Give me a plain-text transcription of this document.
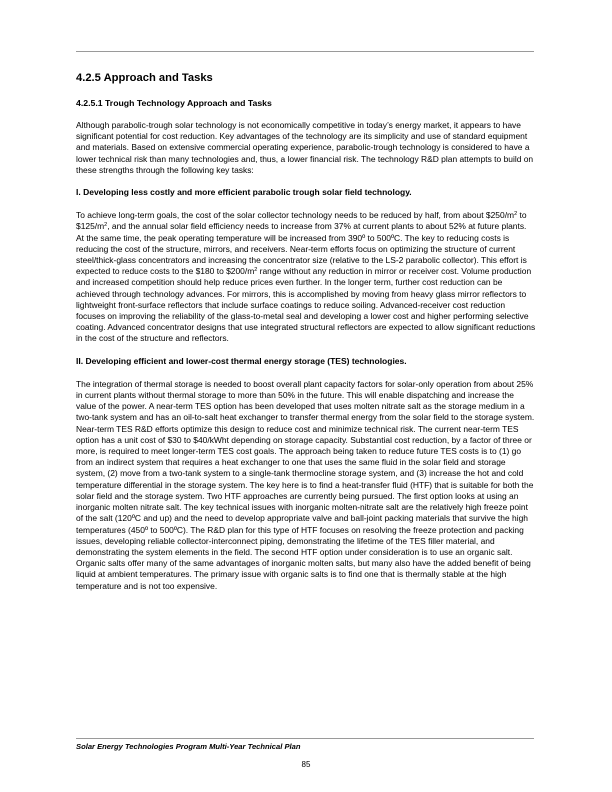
4.2.5 Approach and Tasks
4.2.5.1 Trough Technology Approach and Tasks

Although parabolic-trough solar technology is not economically competitive in today’s energy market, it appears to have significant potential for cost reduction. Key advantages of the technology are its simplicity and use of standard equipment and materials. Based on extensive commercial operating experience, parabolic-trough technology is considered to have a lower technical risk than many technologies and, thus, a lower financial risk. The technology R&D plan attempts to build on these strengths through the following key tasks:

I. Developing less costly and more efficient parabolic trough solar field technology.

To achieve long-term goals, the cost of the solar collector technology needs to be reduced by half, from about $\$250/m^2$ to $\$125/m^2$, and the annual solar field efficiency needs to increase from 37% at current plants to about 52% at future plants. At the same time, the peak operating temperature will be increased from 390º to 500ºC. The key to reducing costs is reducing the cost of the structure, mirrors, and receivers. Near-term efforts focus on optimizing the structure of current steel/thick-glass concentrators and increasing the concentrator size (relative to the LS-2 parabolic collector). This effort is expected to reduce costs to the $180 to $\$200/m^2$ range without any reduction in mirror or receiver cost. Volume production and increased competition should help reduce prices even further. In the longer term, further cost reduction can be achieved through technology advances. For mirrors, this is accomplished by moving from heavy glass mirror reflectors to lightweight front-surface reflectors that include surface coatings to reduce soiling. Advanced-receiver cost reduction focuses on improving the reliability of the glass-to-metal seal and developing a lower cost and higher performing selective coating. Advanced concentrator designs that use integrated structural reflectors are expected to allow significant reductions in the cost of the structure and reflectors.

II. Developing efficient and lower-cost thermal energy storage (TES) technologies.

The integration of thermal storage is needed to boost overall plant capacity factors for solar-only operation from about 25% in current plants without thermal storage to more than 50% in the future. This will enable dispatching and increase the value of the power. A near-term TES option has been developed that uses molten nitrate salt as the storage medium in a two-tank system and has an oil-to-salt heat exchanger to transfer thermal energy from the solar field to the storage system. Near-term TES R&D efforts optimize this design to reduce cost and minimize technical risk. The current near-term TES option has a unit cost of $30 to $40/kWht depending on storage capacity. Substantial cost reduction, by a factor of three or more, is required to meet longer-term TES cost goals. The approach being taken to reduce future TES costs is to (1) go from an indirect system that requires a heat exchanger to one that uses the same fluid in the solar field and storage system, (2) move from a two-tank system to a single-tank thermocline storage system, and (3) increase the hot and cold temperature differential in the storage system. The key here is to find a heat-transfer fluid (HTF) that is suitable for both the solar field and the storage system. Two HTF approaches are currently being pursued. The first option looks at using an inorganic molten nitrate salt. The key technical issues with inorganic molten-nitrate salt are the relatively high freeze point of the salt (120ºC and up) and the need to develop appropriate valve and ball-joint packing materials that survive the high temperatures (450º to 500ºC). The R&D plan for this type of HTF focuses on resolving the freeze protection and packing issues, developing reliable collector-interconnect piping, demonstrating the lifetime of the TES filler material, and demonstrating the system elements in the field. The second HTF option under consideration is to use an organic salt. Organic salts offer many of the same advantages of inorganic molten salts, but many also have the added benefit of being liquid at ambient temperatures. The primary issue with organic salts is to find one that is thermally stable at the high temperature and is not too expensive.

Solar Energy Technologies Program Multi-Year Technical Plan
85
